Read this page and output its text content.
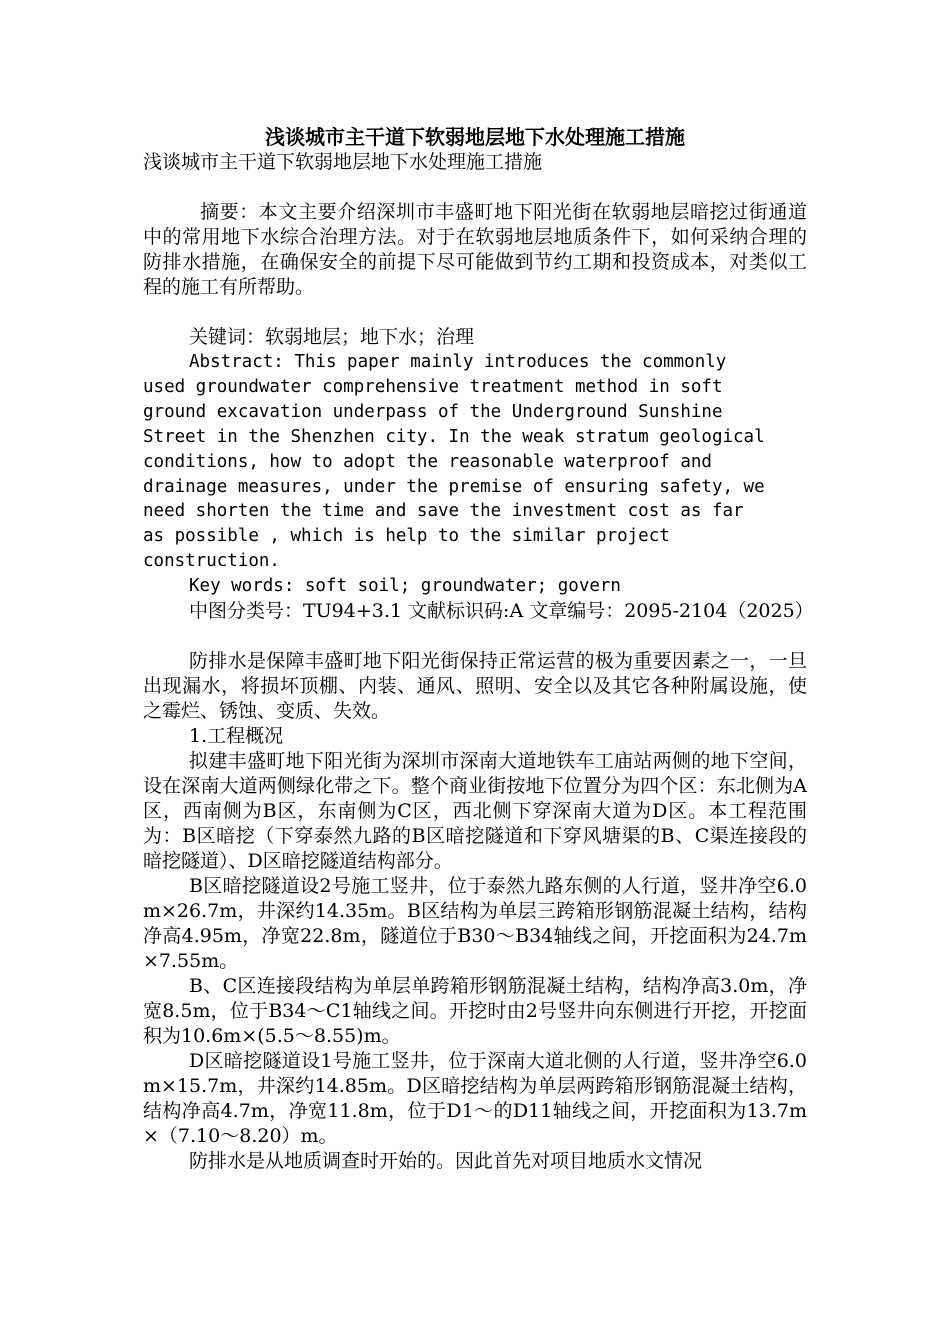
浅谈城市主干道下软弱地层地下水处理施工措施

浅谈城市主干道下软弱地层地下水处理施工措施

摘要：本文主要介绍深圳市丰盛町地下阳光街在软弱地层暗挖过街通道中的常用地下水综合治理方法。对于在软弱地层地质条件下，如何采纳合理的防排水措施，在确保安全的前提下尽可能做到节约工期和投资成本，对类似工程的施工有所帮助。

关键词：软弱地层；地下水；治理

Abstract: This paper mainly introduces the commonly
used groundwater comprehensive treatment method in soft
ground excavation underpass of the Underground Sunshine
Street in the Shenzhen city. In the weak stratum geological
conditions, how to adopt the reasonable waterproof and
drainage measures, under the premise of ensuring safety, we
need shorten the time and save the investment cost as far
as possible , which is help to the similar project
construction.

Key words: soft soil; groundwater; govern

中图分类号：TU94+3.1 文献标识码:A 文章编号：2095-2104（2025）

防排水是保障丰盛町地下阳光街保持正常运营的极为重要因素之一，一旦出现漏水，将损坏顶棚、内装、通风、照明、安全以及其它各种附属设施，使之霉烂、锈蚀、变质、失效。

1.工程概况

拟建丰盛町地下阳光街为深圳市深南大道地铁车工庙站两侧的地下空间，设在深南大道两侧绿化带之下。整个商业街按地下位置分为四个区：东北侧为A区，西南侧为B区，东南侧为C区，西北侧下穿深南大道为D区。本工程范围为：B区暗挖（下穿泰然九路的B区暗挖隧道和下穿风塘渠的B、C渠连接段的暗挖隧道）、D区暗挖隧道结构部分。

B区暗挖隧道设2号施工竖井，位于泰然九路东侧的人行道，竖井净空6.0m×26.7m，井深约14.35m。B区结构为单层三跨箱形钢筋混凝土结构，结构净高4.95m，净宽22.8m，隧道位于B30～B34轴线之间，开挖面积为24.7m×7.55m。

B、C区连接段结构为单层单跨箱形钢筋混凝土结构，结构净高3.0m，净宽8.5m，位于B34～C1轴线之间。开挖时由2号竖井向东侧进行开挖，开挖面积为10.6m×(5.5～8.55)m。

D区暗挖隧道设1号施工竖井，位于深南大道北侧的人行道，竖井净空6.0m×15.7m，井深约14.85m。D区暗挖结构为单层两跨箱形钢筋混凝土结构，结构净高4.7m，净宽11.8m，位于D1～的D11轴线之间，开挖面积为13.7m×（7.10～8.20）m。

防排水是从地质调查时开始的。因此首先对项目地质水文情况
